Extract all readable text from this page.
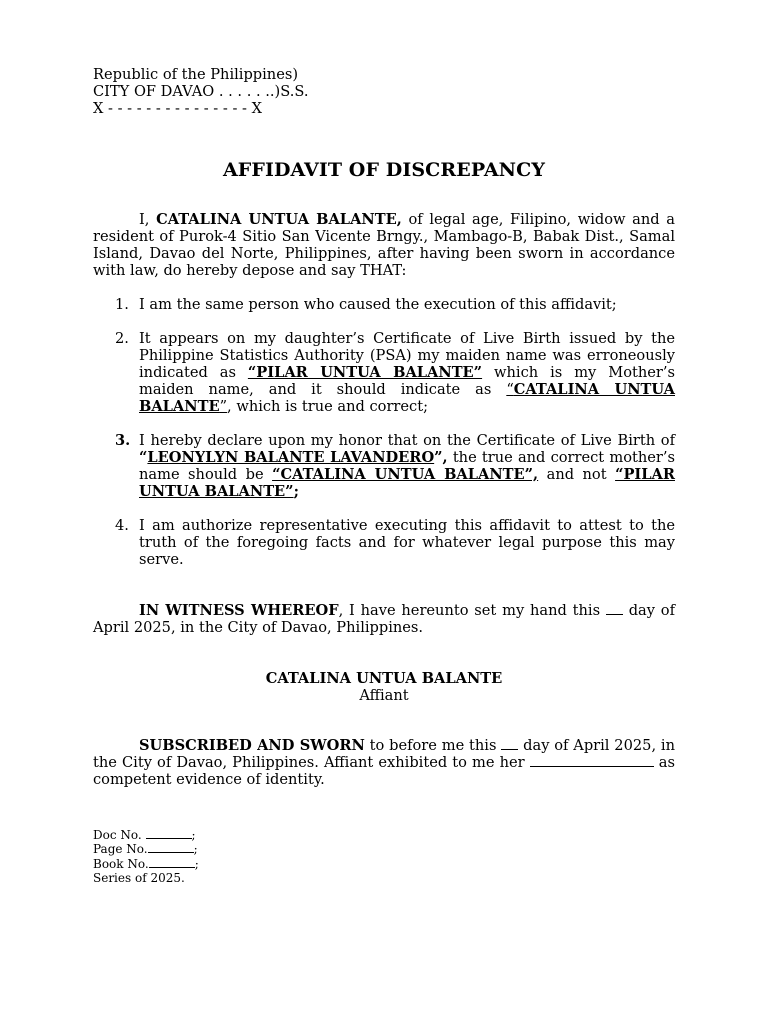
Republic of the Philippines)
CITY OF DAVAO . . . . . ..)S.S.
X - - - - - - - - - - - - - - - X
AFFIDAVIT OF DISCREPANCY
I, CATALINA UNTUA BALANTE, of legal age, Filipino, widow and a resident of Purok-4 Sitio San Vicente Brngy., Mambago-B, Babak Dist., Samal Island, Davao del Norte, Philippines, after having been sworn in accordance with law, do hereby depose and say THAT:
1. I am the same person who caused the execution of this affidavit;
2. It appears on my daughter’s Certificate of Live Birth issued by the Philippine Statistics Authority (PSA) my maiden name was erroneously indicated as “PILAR UNTUA BALANTE” which is my Mother’s maiden name, and it should indicate as “CATALINA UNTUA BALANTE”, which is true and correct;
3. I hereby declare upon my honor that on the Certificate of Live Birth of “LEONYLYN BALANTE LAVANDERO”, the true and correct mother’s name should be “CATALINA UNTUA BALANTE”, and not “PILAR UNTUA BALANTE”;
4. I am authorize representative executing this affidavit to attest to the truth of the foregoing facts and for whatever legal purpose this may serve.
IN WITNESS WHEREOF, I have hereunto set my hand this  day of April 2025, in the City of Davao, Philippines.
CATALINA UNTUA BALANTE
Affiant
SUBSCRIBED AND SWORN to before me this  day of April 2025, in the City of Davao, Philippines. Affiant exhibited to me her	as competent evidence of identity.
Doc No.	;
Page No.	;
Book No.	;
Series of 2025.
